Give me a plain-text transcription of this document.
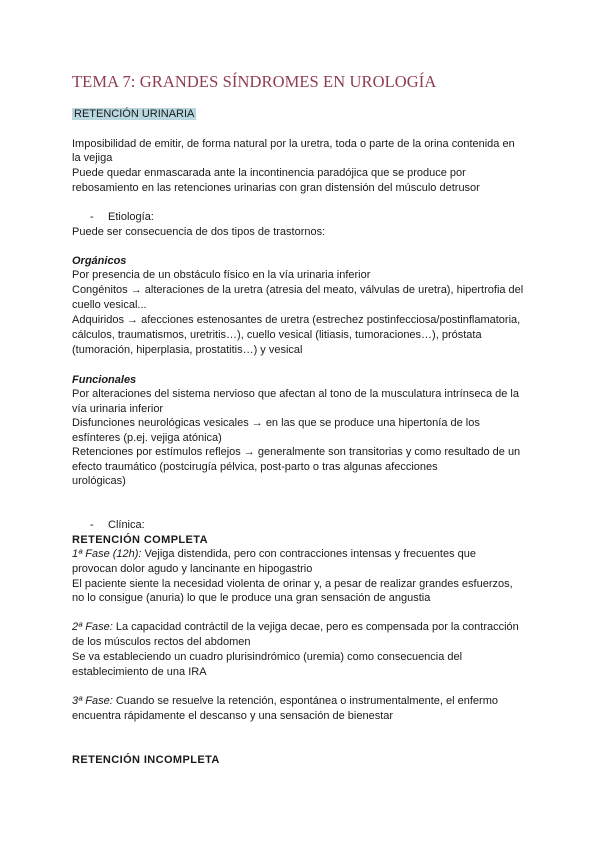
TEMA 7: GRANDES SÍNDROMES EN UROLOGÍA
RETENCIÓN URINARIA
Imposibilidad de emitir, de forma natural por la uretra, toda o parte de la orina contenida en
la vejiga
Puede quedar enmascarada ante la incontinencia paradójica que se produce por
rebosamiento en las retenciones urinarias con gran distensión del músculo detrusor
- Etiología:
Puede ser consecuencia de dos tipos de trastornos:
Orgánicos
Por presencia de un obstáculo físico en la vía urinaria inferior
Congénitos → alteraciones de la uretra (atresia del meato, válvulas de uretra), hipertrofia del
cuello vesical...
Adquiridos → afecciones estenosantes de uretra (estrechez postinfecciosa/postinflamatoria,
cálculos, traumatismos, uretritis…), cuello vesical (litiasis, tumoraciones…), próstata
(tumoración, hiperplasia, prostatitis…) y vesical
Funcionales
Por alteraciones del sistema nervioso que afectan al tono de la musculatura intrínseca de la
vía urinaria inferior
Disfunciones neurológicas vesicales → en las que se produce una hipertonía de los
esfínteres (p.ej. vejiga atónica)
Retenciones por estímulos reflejos → generalmente son transitorias y como resultado de un
efecto traumático (postcirugía pélvica, post-parto o tras algunas afecciones
urológicas)
- Clínica:
RETENCIÓN COMPLETA
1ª Fase (12h): Vejiga distendida, pero con contracciones intensas y frecuentes que
provocan dolor agudo y lancinante en hipogastrio
El paciente siente la necesidad violenta de orinar y, a pesar de realizar grandes esfuerzos,
no lo consigue (anuria) lo que le produce una gran sensación de angustia
2ª Fase: La capacidad contráctil de la vejiga decae, pero es compensada por la contracción
de los músculos rectos del abdomen
Se va estableciendo un cuadro plurisindrómico (uremia) como consecuencia del
establecimiento de una IRA
3ª Fase: Cuando se resuelve la retención, espontánea o instrumentalmente, el enfermo
encuentra rápidamente el descanso y una sensación de bienestar
RETENCIÓN INCOMPLETA
